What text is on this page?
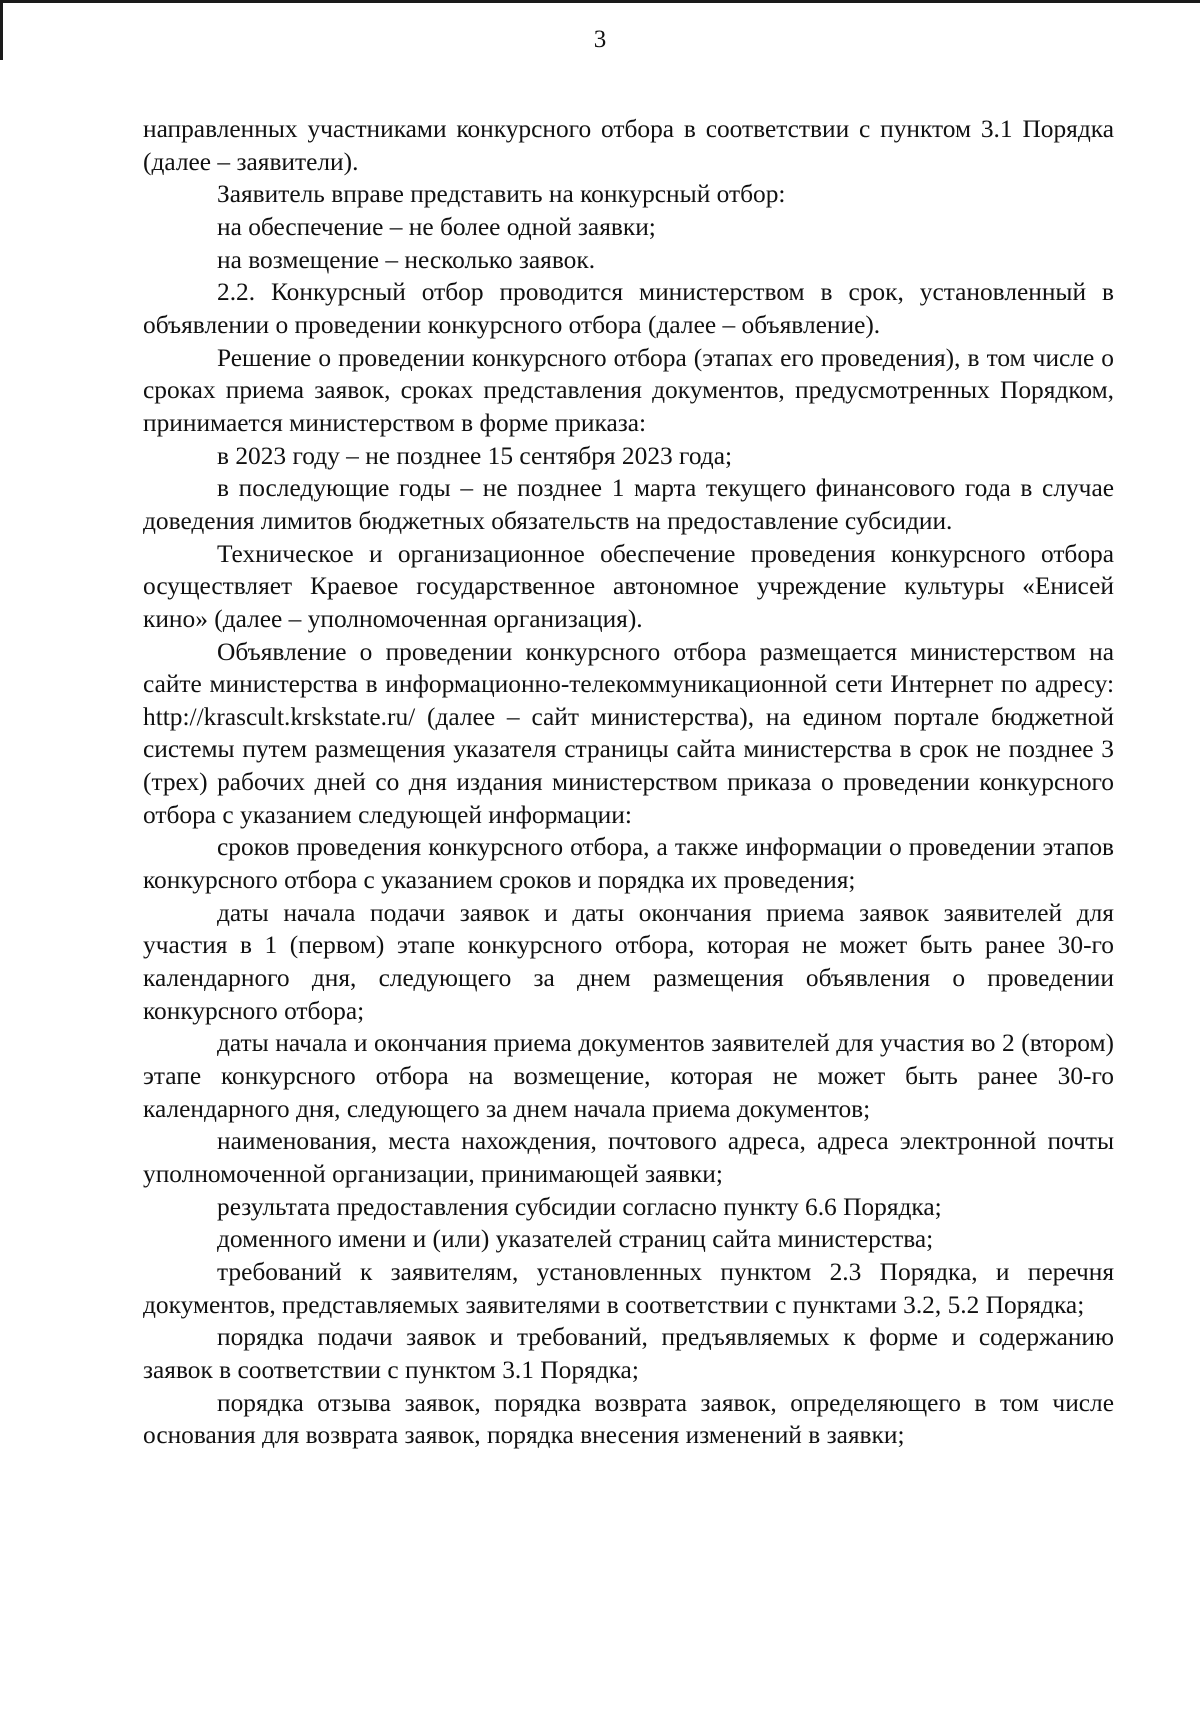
3

направленных участниками конкурсного отбора в соответствии с пунктом 3.1 Порядка (далее – заявители).

Заявитель вправе представить на конкурсный отбор:

на обеспечение – не более одной заявки;

на возмещение – несколько заявок.

2.2. Конкурсный отбор проводится министерством в срок, установленный в объявлении о проведении конкурсного отбора (далее – объявление).

Решение о проведении конкурсного отбора (этапах его проведения), в том числе о сроках приема заявок, сроках представления документов, предусмотренных Порядком, принимается министерством в форме приказа:

в 2023 году – не позднее 15 сентября 2023 года;

в последующие годы – не позднее 1 марта текущего финансового года в случае доведения лимитов бюджетных обязательств на предоставление субсидии.

Техническое и организационное обеспечение проведения конкурсного отбора осуществляет Краевое государственное автономное учреждение культуры «Енисей кино» (далее – уполномоченная организация).

Объявление о проведении конкурсного отбора размещается министерством на сайте министерства в информационно-телекоммуникационной сети Интернет по адресу: http://krascult.krskstate.ru/ (далее – сайт министерства), на едином портале бюджетной системы путем размещения указателя страницы сайта министерства в срок не позднее 3 (трех) рабочих дней со дня издания министерством приказа о проведении конкурсного отбора с указанием следующей информации:

сроков проведения конкурсного отбора, а также информации о проведении этапов конкурсного отбора с указанием сроков и порядка их проведения;

даты начала подачи заявок и даты окончания приема заявок заявителей для участия в 1 (первом) этапе конкурсного отбора, которая не может быть ранее 30-го календарного дня, следующего за днем размещения объявления о проведении конкурсного отбора;

даты начала и окончания приема документов заявителей для участия во 2 (втором) этапе конкурсного отбора на возмещение, которая не может быть ранее 30-го календарного дня, следующего за днем начала приема документов;

наименования, места нахождения, почтового адреса, адреса электронной почты уполномоченной организации, принимающей заявки;

результата предоставления субсидии согласно пункту 6.6 Порядка;

доменного имени и (или) указателей страниц сайта министерства;

требований к заявителям, установленных пунктом 2.3 Порядка, и перечня документов, представляемых заявителями в соответствии с пунктами 3.2, 5.2 Порядка;

порядка подачи заявок и требований, предъявляемых к форме и содержанию заявок в соответствии с пунктом 3.1 Порядка;

порядка отзыва заявок, порядка возврата заявок, определяющего в том числе основания для возврата заявок, порядка внесения изменений в заявки;
